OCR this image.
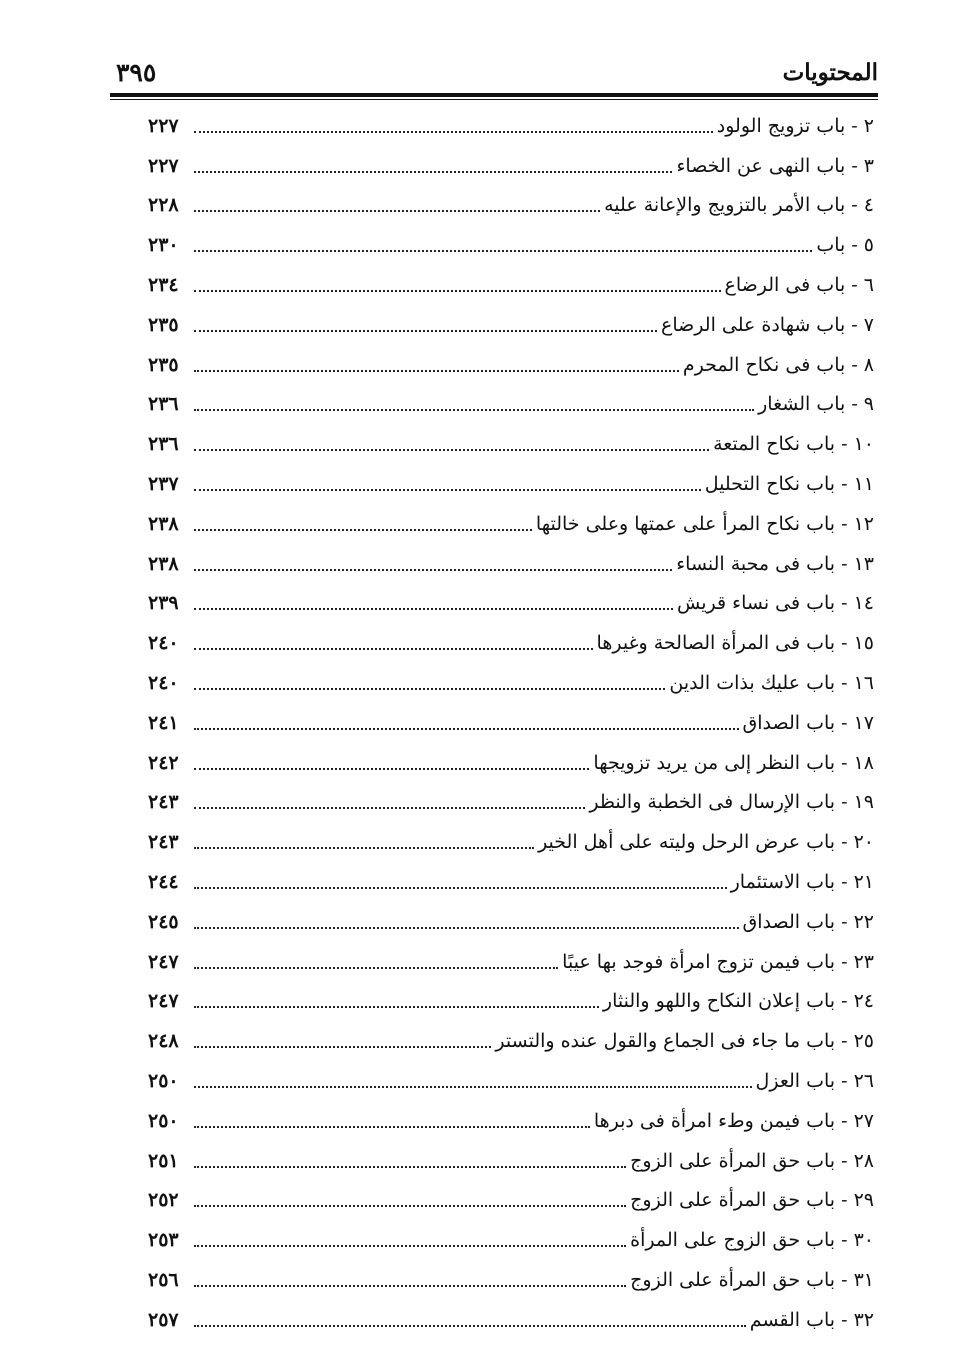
المحتويات
٣٩٥
٢٢٧	٢ - باب تزويج الولود
٢٢٧	٣ - باب النهى عن الخصاء
٢٢٨	٤ - باب الأمر بالتزويج والإعانة عليه
٢٣٠	٥ - باب
٢٣٤	٦ - باب فى الرضاع
٢٣٥	٧ - باب شهادة على الرضاع
٢٣٥	٨ - باب فى نكاح المحرم
٢٣٦	٩ - باب الشغار
٢٣٦	١٠ - باب نكاح المتعة
٢٣٧	١١ - باب نكاح التحليل
٢٣٨	١٢ - باب نكاح المرأ على عمتها وعلى خالتها
٢٣٨	١٣ - باب فى محبة النساء
٢٣٩	١٤ - باب فى نساء قريش
٢٤٠	١٥ - باب فى المرأة الصالحة وغيرها
٢٤٠	١٦ - باب عليك بذات الدين
٢٤١	١٧ - باب الصداق
٢٤٢	١٨ - باب النظر إلى من يريد تزويجها
٢٤٣	١٩ - باب الإرسال فى الخطبة والنظر
٢٤٣	٢٠ - باب عرض الرحل وليته على أهل الخير
٢٤٤	٢١ - باب الاستئمار
٢٤٥	٢٢ - باب الصداق
٢٤٧	٢٣ - باب فيمن تزوج امرأة فوجد بها عيبًا
٢٤٧	٢٤ - باب إعلان النكاح واللهو والنثار
٢٤٨	٢٥ - باب ما جاء فى الجماع والقول عنده والتستر
٢٥٠	٢٦ - باب العزل
٢٥٠	٢٧ - باب فيمن وطء امرأة فى دبرها
٢٥١	٢٨ - باب حق المرأة على الزوج
٢٥٢	٢٩ - باب حق المرأة على الزوج
٢٥٣	٣٠ - باب حق الزوج على المرأة
٢٥٦	٣١ - باب حق المرأة على الزوج
٢٥٧	٣٢ - باب القسم
